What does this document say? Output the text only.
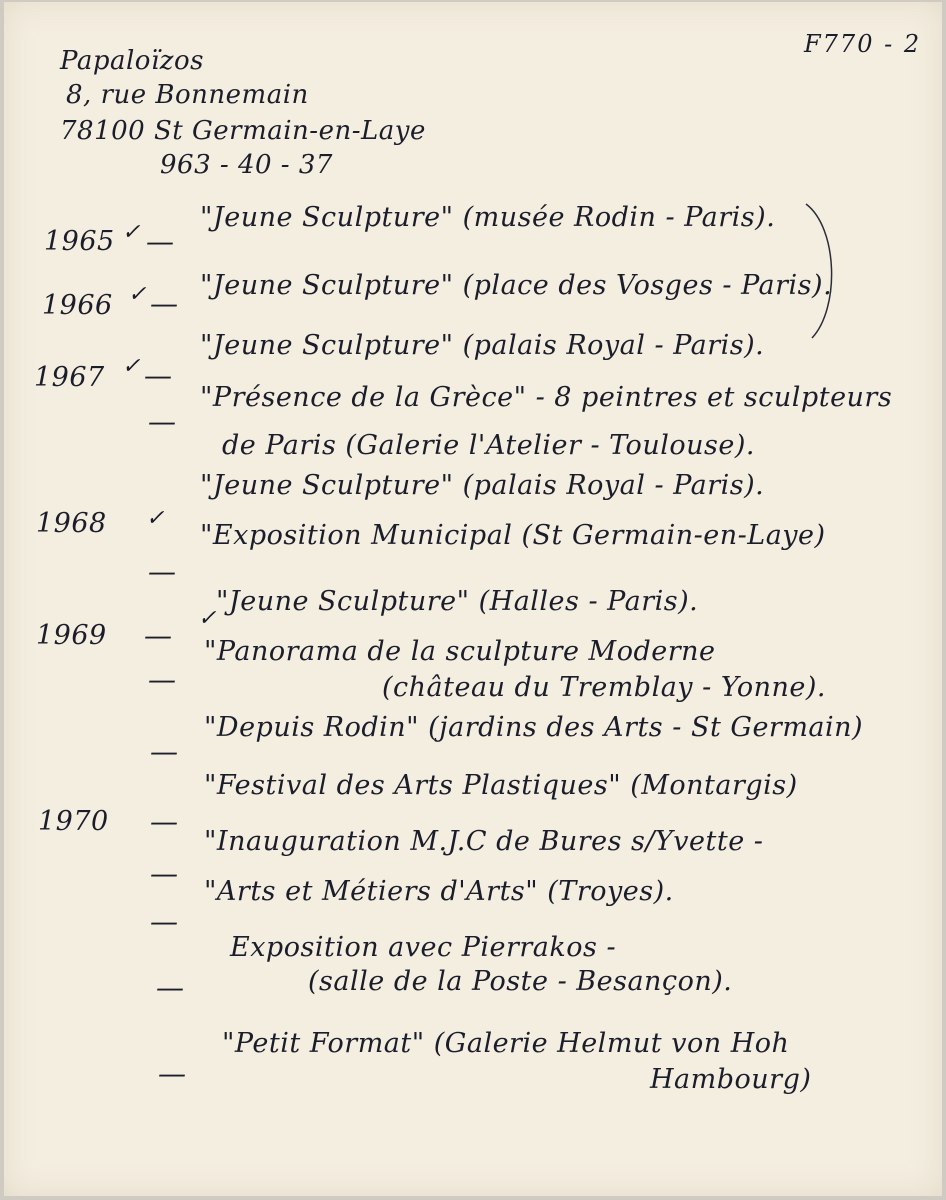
F770 - 2
Papaloïzos
8, rue Bonnemain
78100 St Germain-en-Laye
963 - 40 - 37
1965 ✓ —
"Jeune Sculpture" (musée Rodin - Paris).
1966 ✓ —
"Jeune Sculpture" (place des Vosges - Paris).
1967 ✓ —
"Jeune Sculpture" (palais Royal - Paris).
—
"Présence de la Grèce" - 8 peintres et sculpteurs
de Paris (Galerie l'Atelier - Toulouse).
1968 ✓
"Jeune Sculpture" (palais Royal - Paris).
—
"Exposition Municipal (St Germain-en-Laye)
1969 —
✓
"Jeune Sculpture" (Halles - Paris).
—
"Panorama de la sculpture Moderne
(château du Tremblay - Yonne).
—
"Depuis Rodin" (jardins des Arts - St Germain)
1970 —
"Festival des Arts Plastiques" (Montargis)
—
"Inauguration M.J.C de Bures s/Yvette -
—
"Arts et Métiers d'Arts" (Troyes).
—
Exposition avec Pierrakos -
(salle de la Poste - Besançon).
—
"Petit Format" (Galerie Helmut von Hoh
Hambourg)
